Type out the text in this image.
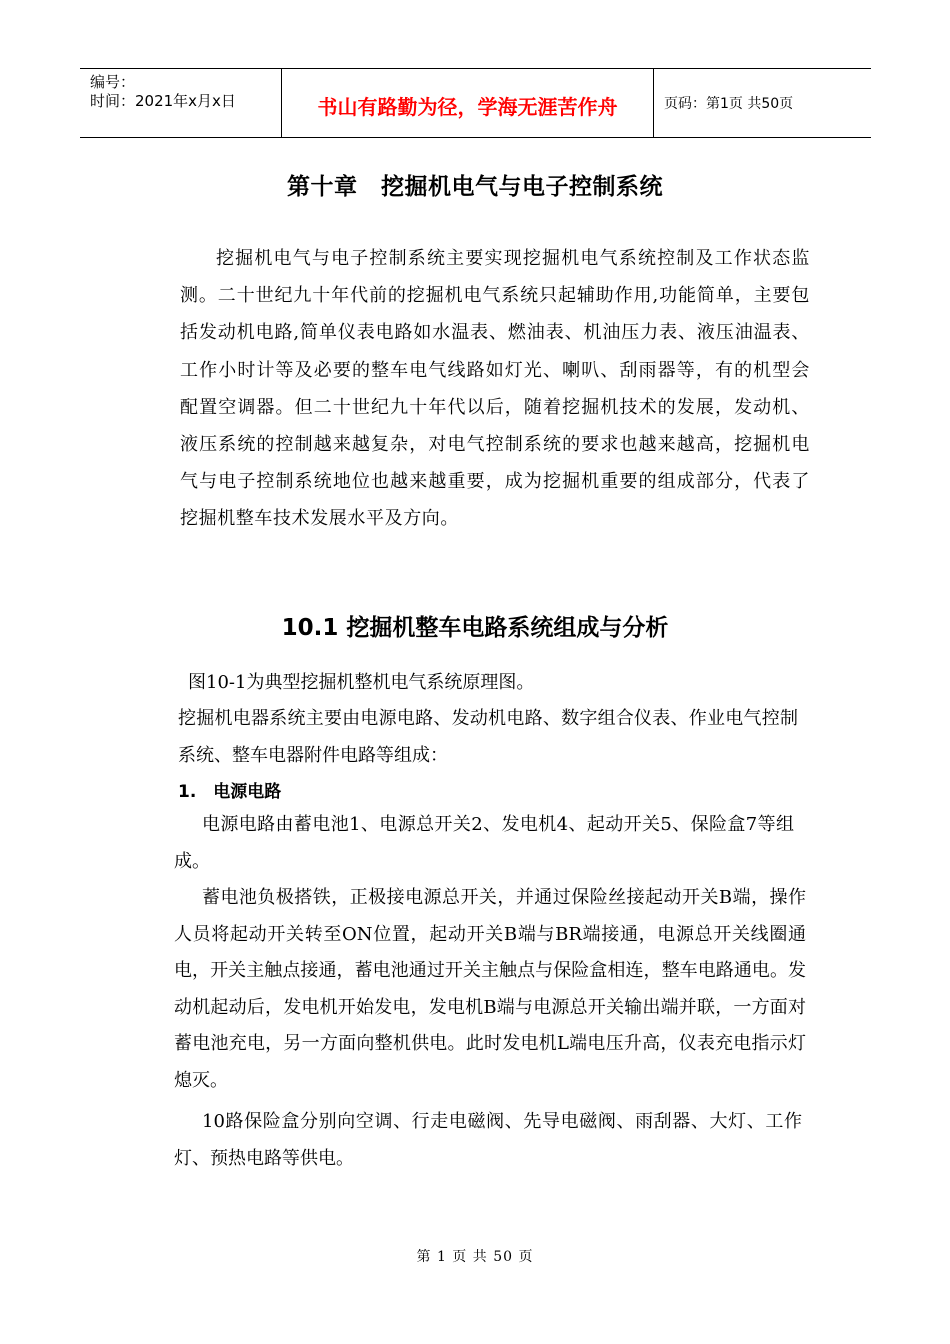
编号：
时间：2021年x月x日	书山有路勤为径，学海无涯苦作舟	页码：第1页 共50页
第十章　挖掘机电气与电子控制系统

挖掘机电气与电子控制系统主要实现挖掘机电气系统控制及工作状态监测。二十世纪九十年代前的挖掘机电气系统只起辅助作用,功能简单，主要包括发动机电路,简单仪表电路如水温表、燃油表、机油压力表、液压油温表、工作小时计等及必要的整车电气线路如灯光、喇叭、刮雨器等，有的机型会配置空调器。但二十世纪九十年代以后，随着挖掘机技术的发展，发动机、液压系统的控制越来越复杂，对电气控制系统的要求也越来越高，挖掘机电气与电子控制系统地位也越来越重要，成为挖掘机重要的组成部分，代表了挖掘机整车技术发展水平及方向。

10.1 挖掘机整车电路系统组成与分析

图10-1为典型挖掘机整机电气系统原理图。

挖掘机电器系统主要由电源电路、发动机电路、数字组合仪表、作业电气控制系统、整车电器附件电路等组成：

1.　电源电路

电源电路由蓄电池1、电源总开关2、发电机4、起动开关5、保险盒7等组成。

蓄电池负极搭铁，正极接电源总开关，并通过保险丝接起动开关B端，操作人员将起动开关转至ON位置，起动开关B端与BR端接通，电源总开关线圈通电，开关主触点接通，蓄电池通过开关主触点与保险盒相连，整车电路通电。发动机起动后，发电机开始发电，发电机B端与电源总开关输出端并联，一方面对蓄电池充电，另一方面向整机供电。此时发电机L端电压升高，仪表充电指示灯熄灭。

10路保险盒分别向空调、行走电磁阀、先导电磁阀、雨刮器、大灯、工作灯、预热电路等供电。

第 1 页 共 50 页
